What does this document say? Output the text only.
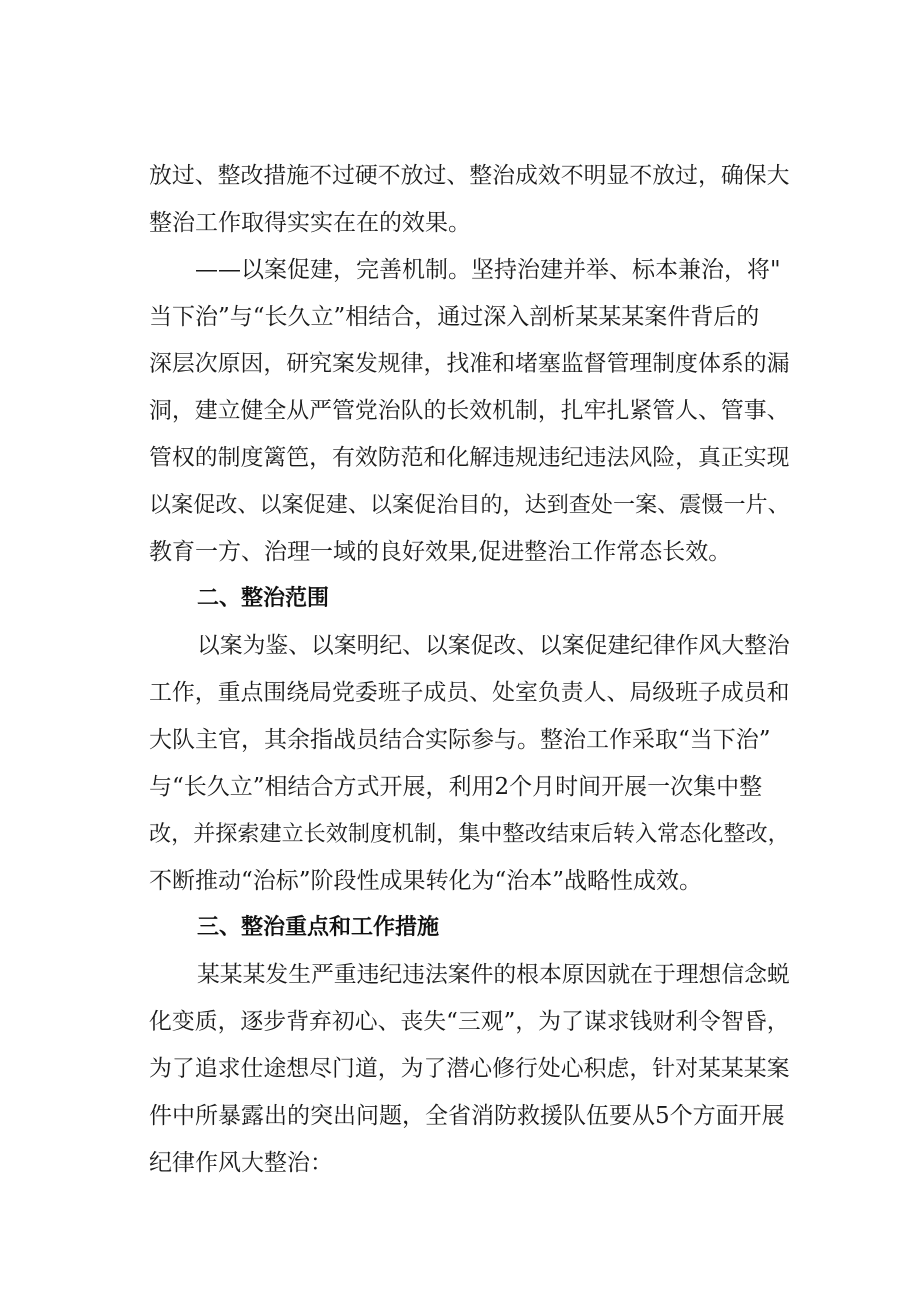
放过、整改措施不过硬不放过、整治成效不明显不放过，确保大
整治工作取得实实在在的效果。
——以案促建，完善机制。坚持治建并举、标本兼治，将"
当下治”与“长久立”相结合，通过深入剖析某某某案件背后的
深层次原因，研究案发规律，找准和堵塞监督管理制度体系的漏
洞，建立健全从严管党治队的长效机制，扎牢扎紧管人、管事、
管权的制度篱笆，有效防范和化解违规违纪违法风险，真正实现
以案促改、以案促建、以案促治目的，达到查处一案、震慑一片、
教育一方、治理一域的良好效果,促进整治工作常态长效。
二、整治范围
以案为鉴、以案明纪、以案促改、以案促建纪律作风大整治
工作，重点围绕局党委班子成员、处室负责人、局级班子成员和
大队主官，其余指战员结合实际参与。整治工作采取“当下治”
与“长久立”相结合方式开展，利用2个月时间开展一次集中整
改，并探索建立长效制度机制，集中整改结束后转入常态化整改，
不断推动“治标”阶段性成果转化为“治本”战略性成效。
三、整治重点和工作措施
某某某发生严重违纪违法案件的根本原因就在于理想信念蜕
化变质，逐步背弃初心、丧失“三观”，为了谋求钱财利令智昏，
为了追求仕途想尽门道，为了潜心修行处心积虑，针对某某某案
件中所暴露出的突出问题，全省消防救援队伍要从5个方面开展
纪律作风大整治：
